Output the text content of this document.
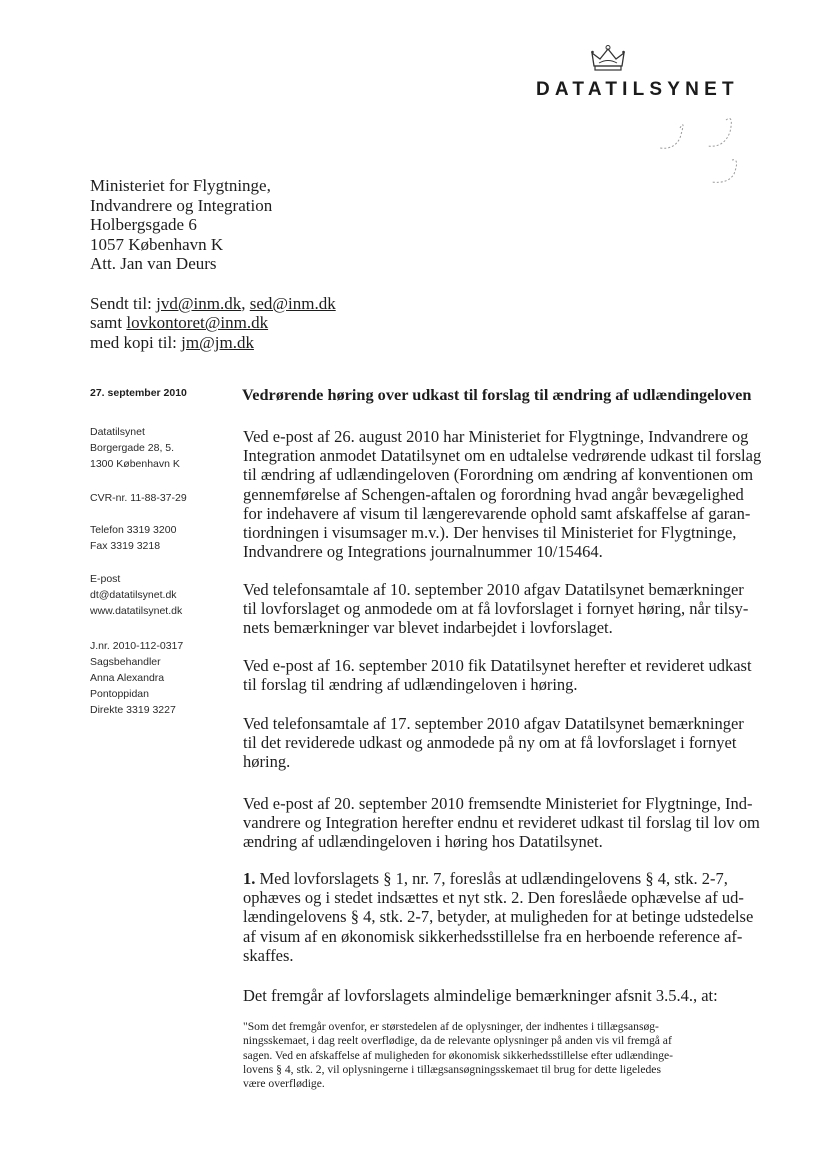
DATATILSYNET
Ministeriet for Flygtninge,
Indvandrere og Integration
Holbergsgade 6
1057 København K
Att. Jan van Deurs
Sendt til: jvd@inm.dk, sed@inm.dk
samt lovkontoret@inm.dk
med kopi til: jm@jm.dk
27. september 2010
Datatilsynet
Borgergade 28, 5.
1300 København K
CVR-nr. 11-88-37-29
Telefon 3319 3200
Fax 3319 3218
E-post
dt@datatilsynet.dk
www.datatilsynet.dk
J.nr. 2010-112-0317
Sagsbehandler
Anna Alexandra
Pontoppidan
Direkte 3319 3227
Vedrørende høring over udkast til forslag til ændring af udlændingeloven
Ved e-post af 26. august 2010 har Ministeriet for Flygtninge, Indvandrere og
Integration anmodet Datatilsynet om en udtalelse vedrørende udkast til forslag
til ændring af udlændingeloven (Forordning om ændring af konventionen om
gennemførelse af Schengen-aftalen og forordning hvad angår bevægelighed
for indehavere af visum til længerevarende ophold samt afskaffelse af garan-
tiordningen i visumsager m.v.). Der henvises til Ministeriet for Flygtninge,
Indvandrere og Integrations journalnummer 10/15464.
Ved telefonsamtale af 10. september 2010 afgav Datatilsynet bemærkninger
til lovforslaget og anmodede om at få lovforslaget i fornyet høring, når tilsy-
nets bemærkninger var blevet indarbejdet i lovforslaget.
Ved e-post af 16. september 2010 fik Datatilsynet herefter et revideret udkast
til forslag til ændring af udlændingeloven i høring.
Ved telefonsamtale af 17. september 2010 afgav Datatilsynet bemærkninger
til det reviderede udkast og anmodede på ny om at få lovforslaget i fornyet
høring.
Ved e-post af 20. september 2010 fremsendte Ministeriet for Flygtninge, Ind-
vandrere og Integration herefter endnu et revideret udkast til forslag til lov om
ændring af udlændingeloven i høring hos Datatilsynet.
1. Med lovforslagets § 1, nr. 7, foreslås at udlændingelovens § 4, stk. 2-7,
ophæves og i stedet indsættes et nyt stk. 2. Den foreslåede ophævelse af ud-
lændingelovens § 4, stk. 2-7, betyder, at muligheden for at betinge udstedelse
af visum af en økonomisk sikkerhedsstillelse fra en herboende reference af-
skaffes.
Det fremgår af lovforslagets almindelige bemærkninger afsnit 3.5.4., at:
"Som det fremgår ovenfor, er størstedelen af de oplysninger, der indhentes i tillægsansøg-
ningsskemaet, i dag reelt overflødige, da de relevante oplysninger på anden vis vil fremgå af
sagen. Ved en afskaffelse af muligheden for økonomisk sikkerhedsstillelse efter udlændinge-
lovens § 4, stk. 2, vil oplysningerne i tillægsansøgningsskemaet til brug for dette ligeledes
være overflødige.
